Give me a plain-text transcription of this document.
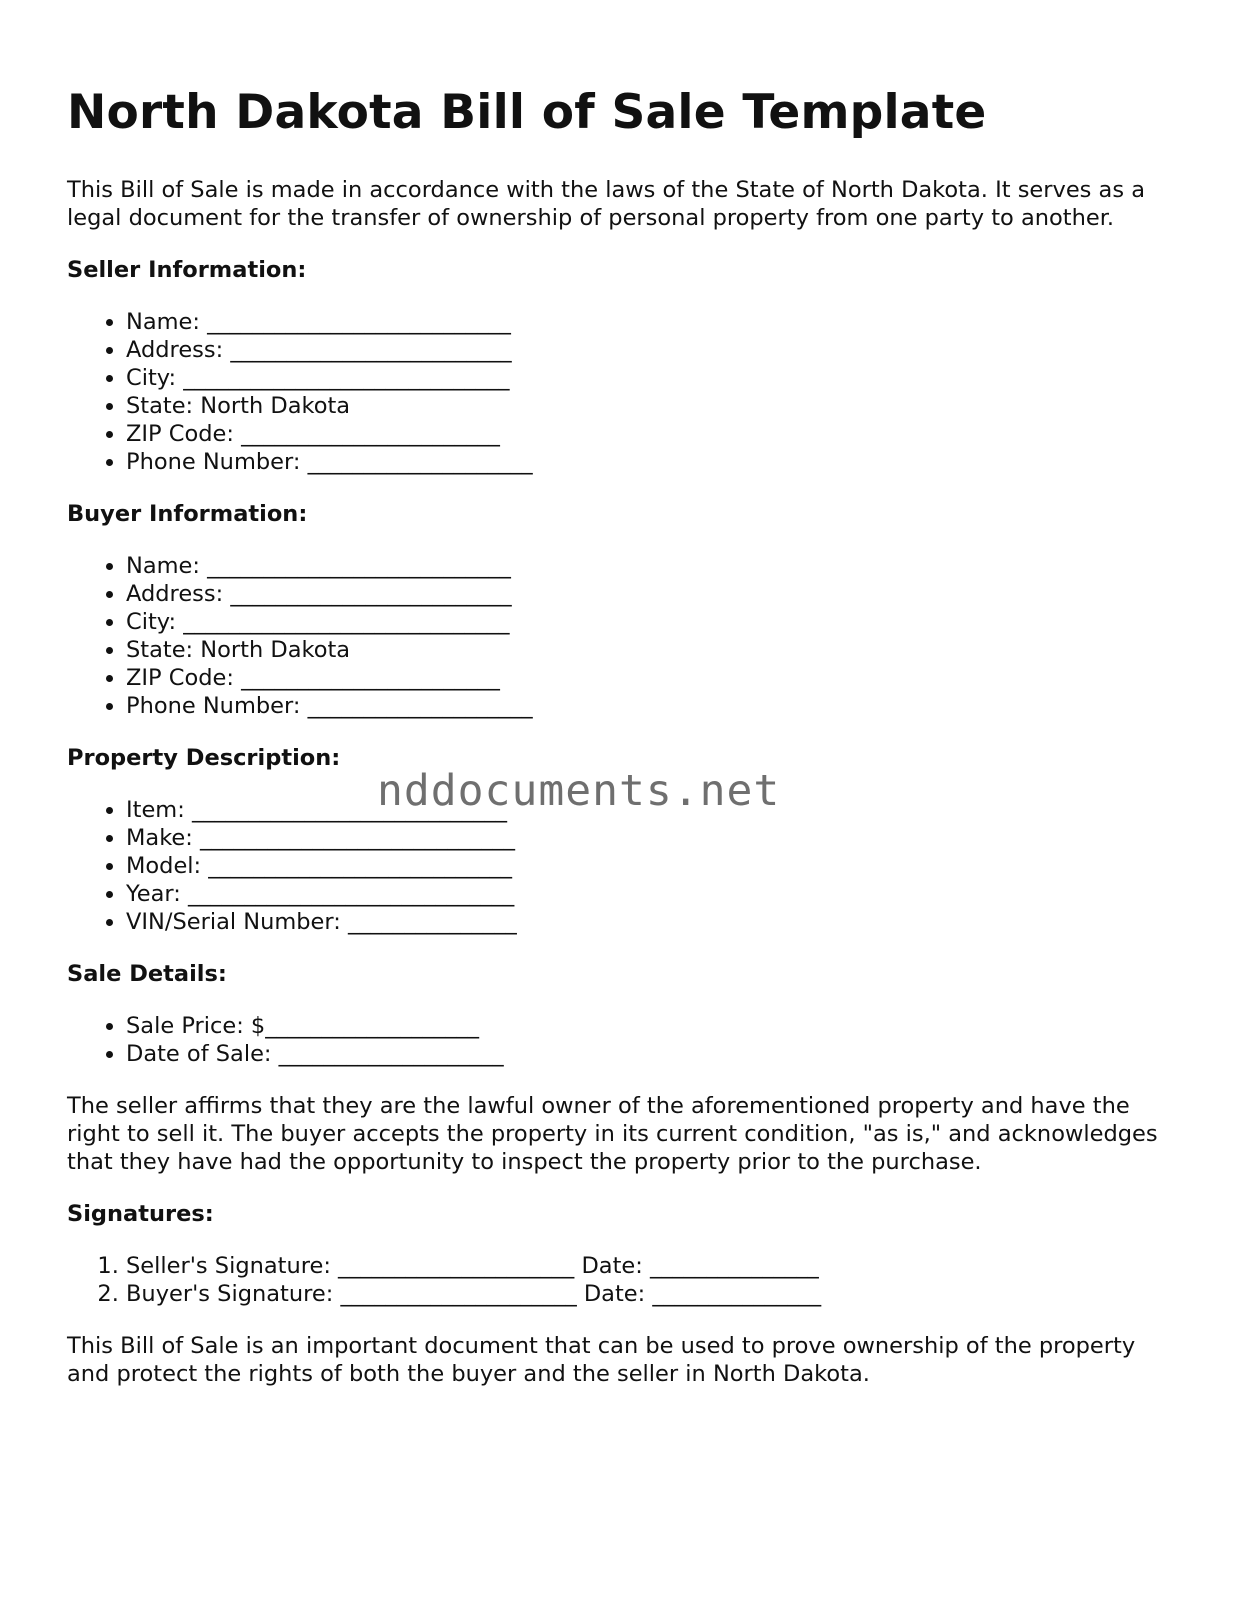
North Dakota Bill of Sale Template

This Bill of Sale is made in accordance with the laws of the State of North Dakota. It serves as a legal document for the transfer of ownership of personal property from one party to another.

Seller Information:
• Name: ___________________________
• Address: _________________________
• City: _____________________________
• State: North Dakota
• ZIP Code: _______________________
• Phone Number: ____________________
Buyer Information:
• Name: ___________________________
• Address: _________________________
• City: _____________________________
• State: North Dakota
• ZIP Code: _______________________
• Phone Number: ____________________
Property Description:
• Item: ____________________________
• Make: ____________________________
• Model: ___________________________
• Year: _____________________________
• VIN/Serial Number: _______________
Sale Details:
• Sale Price: $___________________
• Date of Sale: ____________________

The seller affirms that they are the lawful owner of the aforementioned property and have the right to sell it. The buyer accepts the property in its current condition, "as is," and acknowledges that they have had the opportunity to inspect the property prior to the purchase.

Signatures:
1. Seller's Signature: _____________________ Date: _______________
2. Buyer's Signature: _____________________ Date: _______________

This Bill of Sale is an important document that can be used to prove ownership of the property and protect the rights of both the buyer and the seller in North Dakota.

nddocuments.net
